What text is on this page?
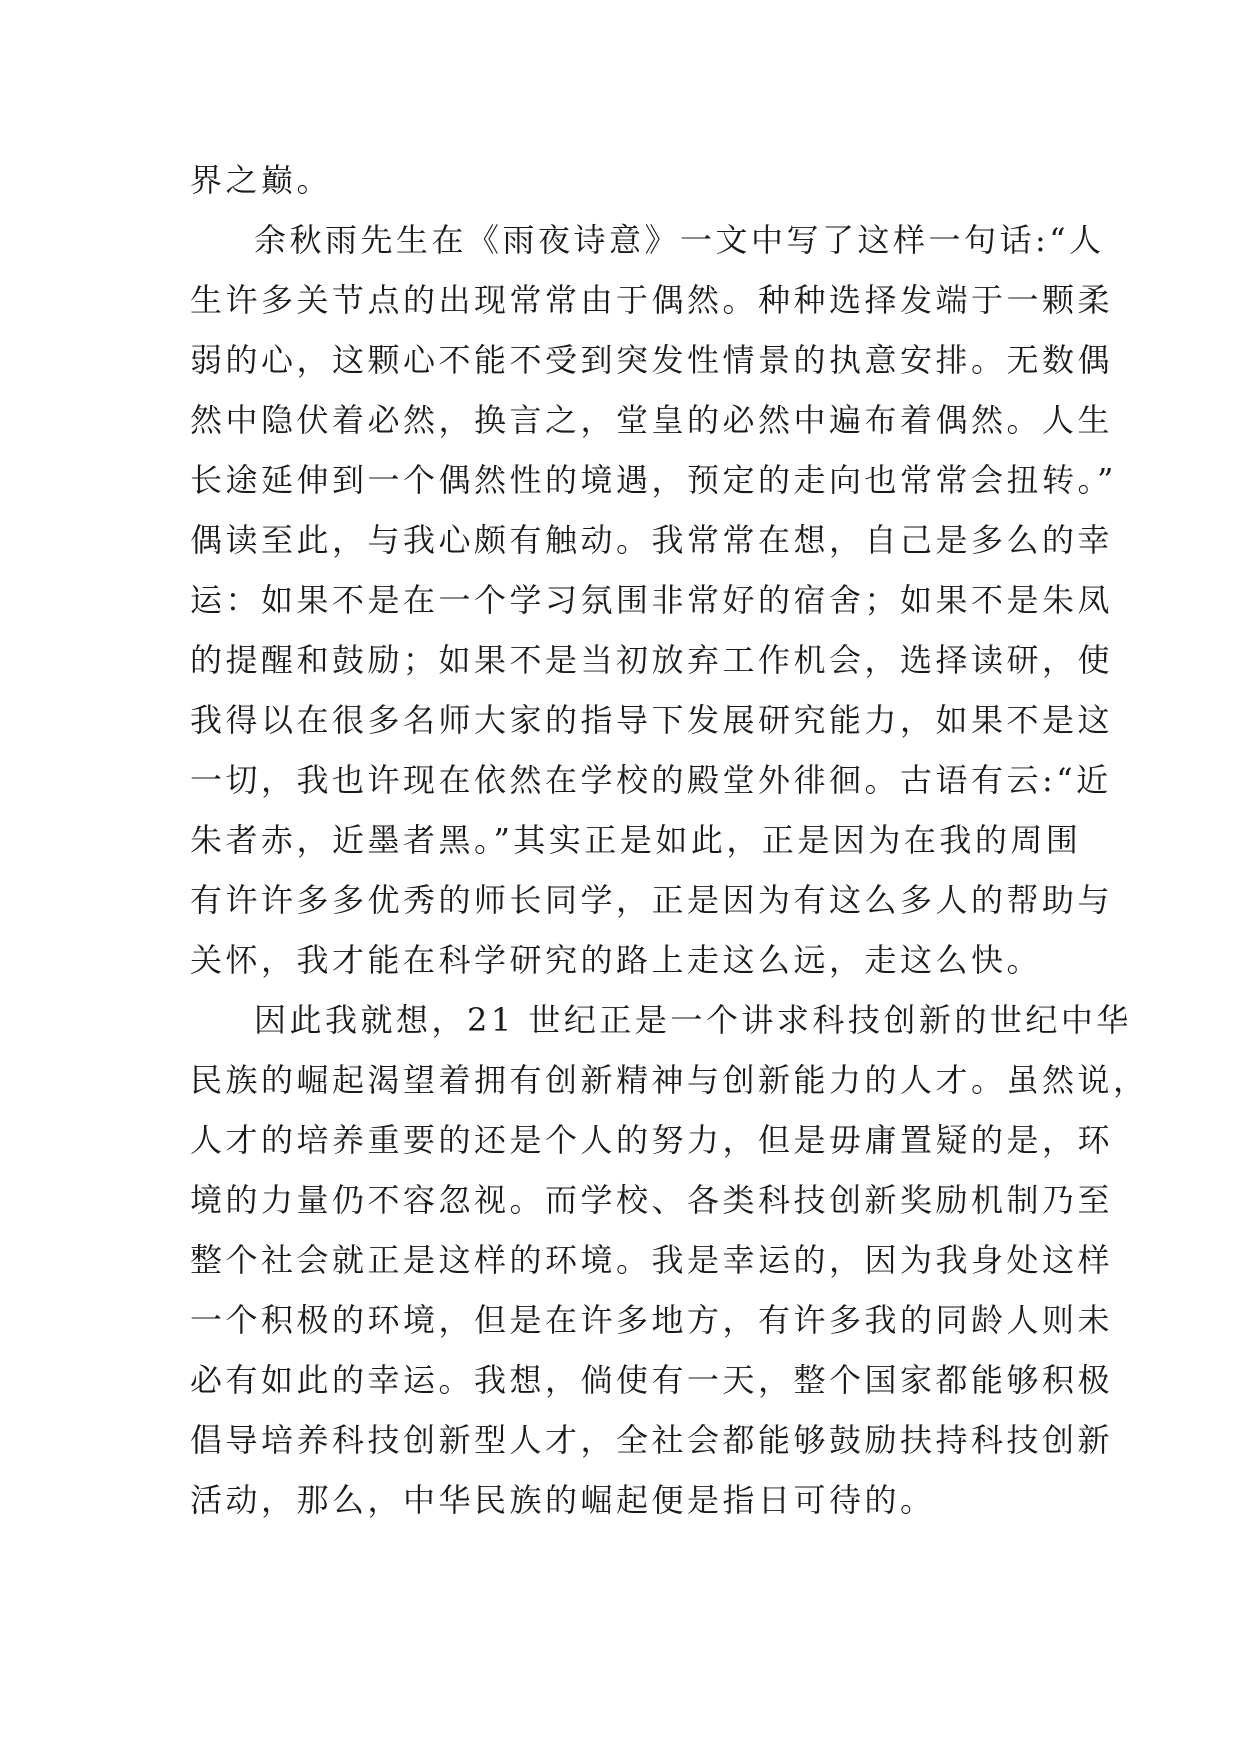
界之巅。
余秋雨先生在《雨夜诗意》一文中写了这样一句话:“人
生许多关节点的出现常常由于偶然。种种选择发端于一颗柔
弱的心，这颗心不能不受到突发性情景的执意安排。无数偶
然中隐伏着必然，换言之，堂皇的必然中遍布着偶然。人生
长途延伸到一个偶然性的境遇，预定的走向也常常会扭转。”
偶读至此，与我心颇有触动。我常常在想，自己是多么的幸
运：如果不是在一个学习氛围非常好的宿舍；如果不是朱凤
的提醒和鼓励；如果不是当初放弃工作机会，选择读研，使
我得以在很多名师大家的指导下发展研究能力，如果不是这
一切，我也许现在依然在学校的殿堂外徘徊。古语有云:“近
朱者赤，近墨者黑。”其实正是如此，正是因为在我的周围
有许许多多优秀的师长同学，正是因为有这么多人的帮助与
关怀，我才能在科学研究的路上走这么远，走这么快。
因此我就想，21 世纪正是一个讲求科技创新的世纪中华
民族的崛起渴望着拥有创新精神与创新能力的人才。虽然说，
人才的培养重要的还是个人的努力，但是毋庸置疑的是，环
境的力量仍不容忽视。而学校、各类科技创新奖励机制乃至
整个社会就正是这样的环境。我是幸运的，因为我身处这样
一个积极的环境，但是在许多地方，有许多我的同龄人则未
必有如此的幸运。我想，倘使有一天，整个国家都能够积极
倡导培养科技创新型人才，全社会都能够鼓励扶持科技创新
活动，那么，中华民族的崛起便是指日可待的。
